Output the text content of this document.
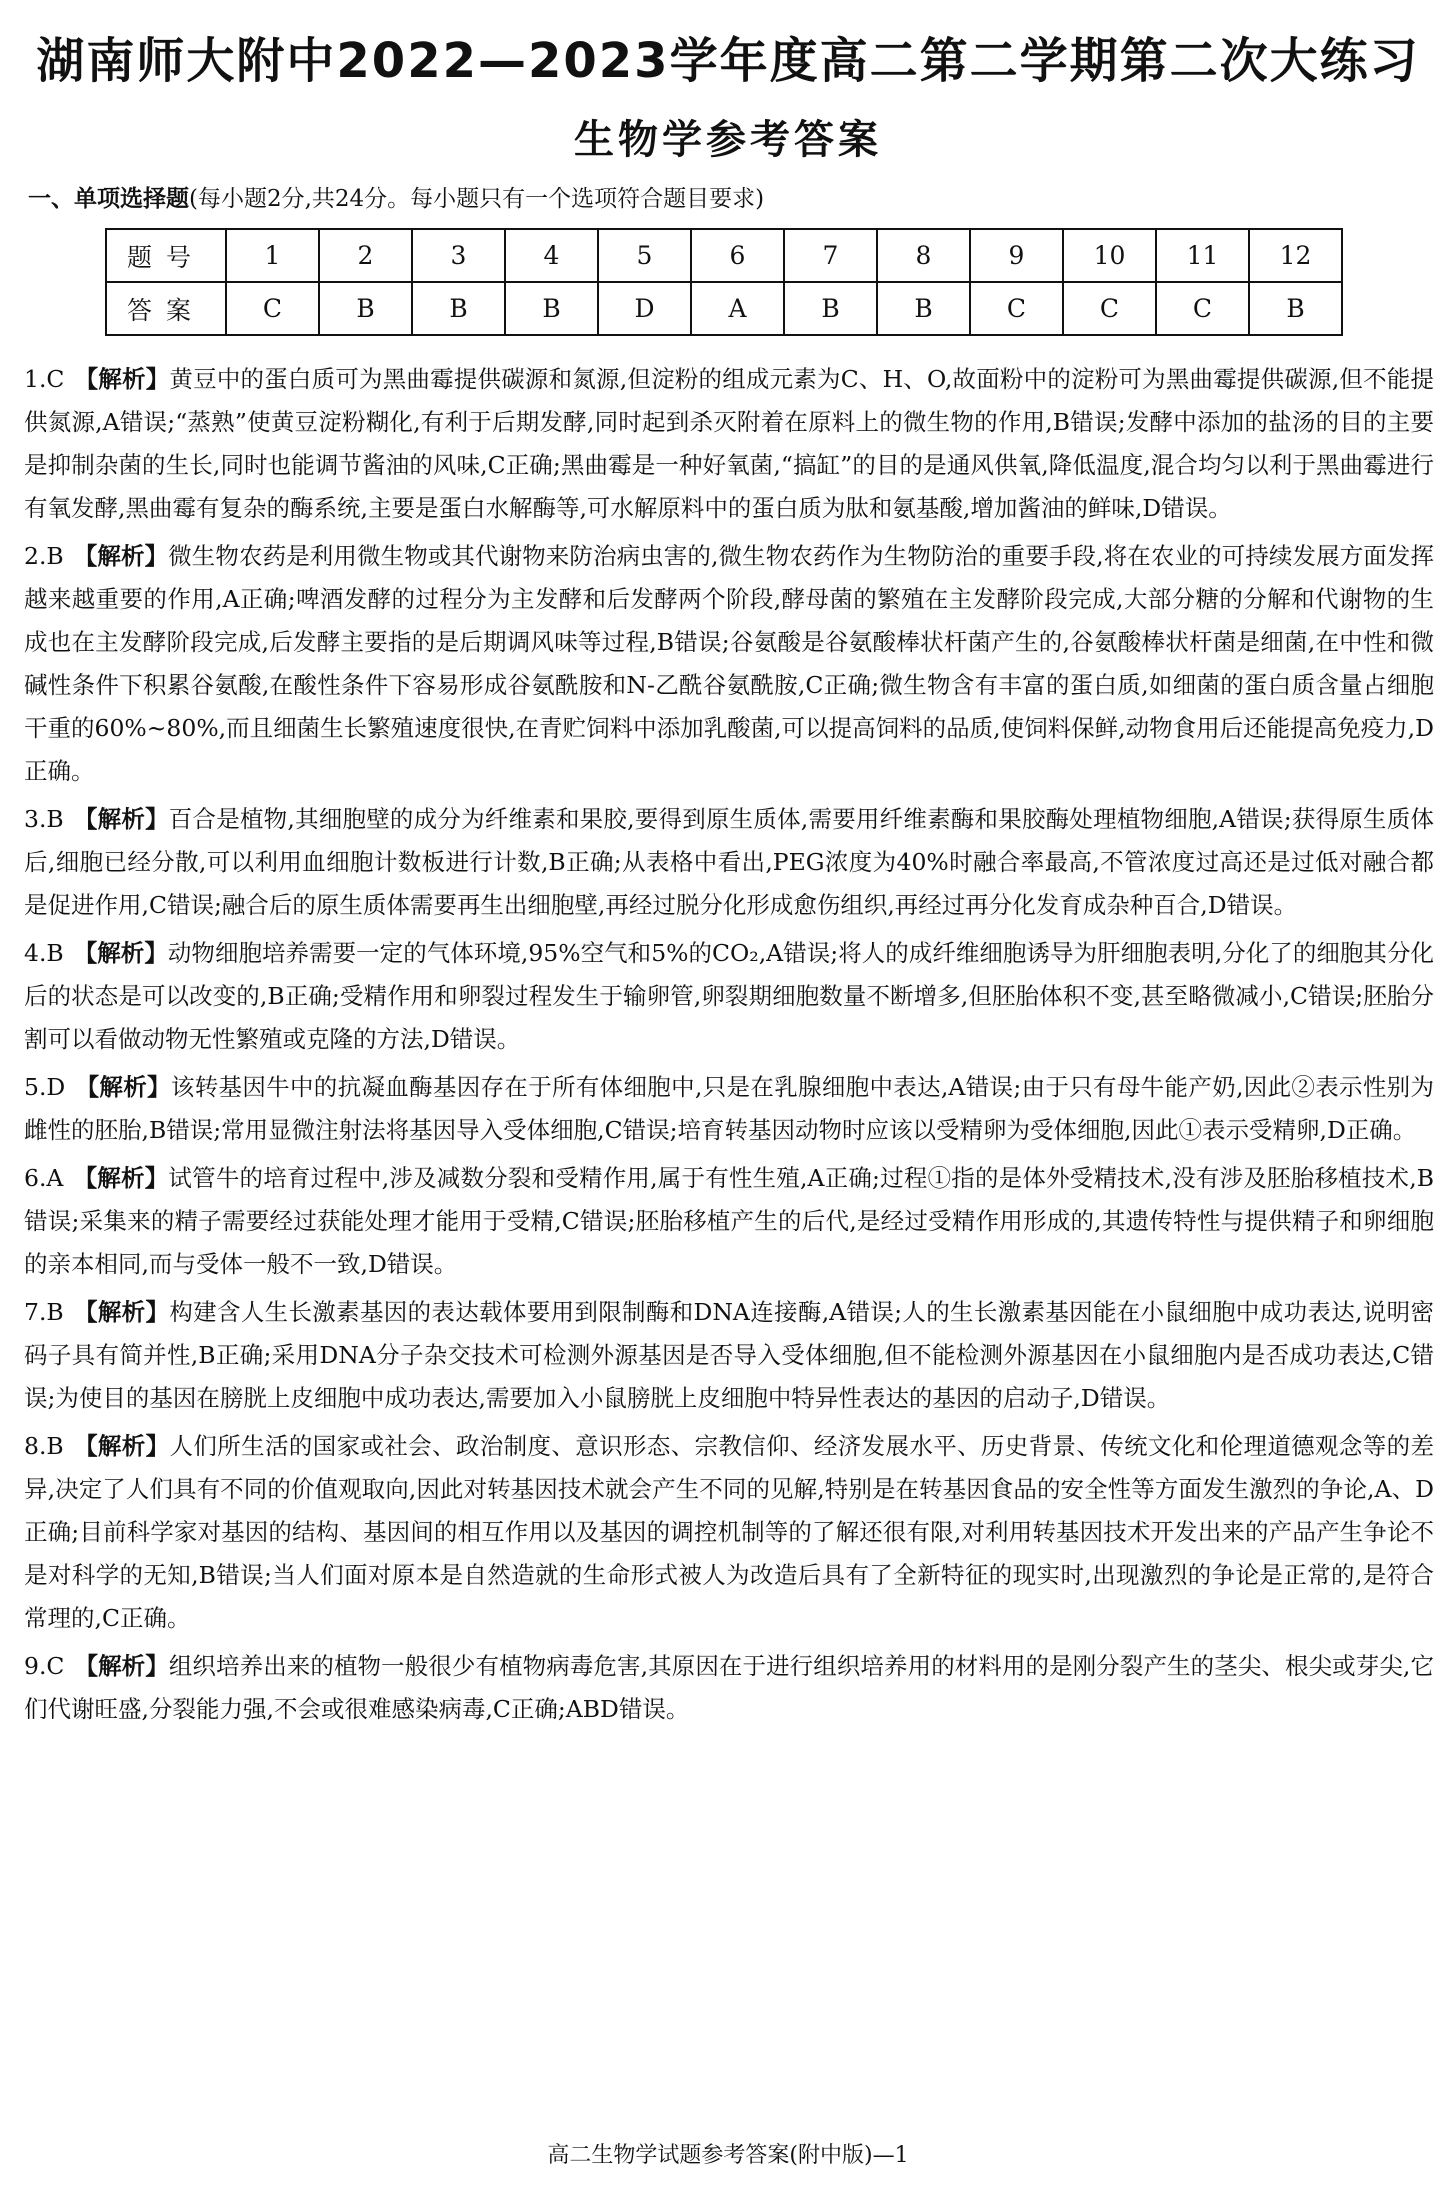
湖南师大附中2022—2023学年度高二第二学期第二次大练习
生物学参考答案
一、单项选择题(每小题2分,共24分。每小题只有一个选项符合题目要求)
题号	1	2	3	4	5	6	7	8	9	10	11	12
答案	C	B	B	B	D	A	B	B	C	C	C	B
1.C 【解析】黄豆中的蛋白质可为黑曲霉提供碳源和氮源,但淀粉的组成元素为C、H、O,故面粉中的淀粉可为黑曲霉提供碳源,但不能提供氮源,A错误;“蒸熟”使黄豆淀粉糊化,有利于后期发酵,同时起到杀灭附着在原料上的微生物的作用,B错误;发酵中添加的盐汤的目的主要是抑制杂菌的生长,同时也能调节酱油的风味,C正确;黑曲霉是一种好氧菌,“搞缸”的目的是通风供氧,降低温度,混合均匀以利于黑曲霉进行有氧发酵,黑曲霉有复杂的酶系统,主要是蛋白水解酶等,可水解原料中的蛋白质为肽和氨基酸,增加酱油的鲜味,D错误。
2.B 【解析】微生物农药是利用微生物或其代谢物来防治病虫害的,微生物农药作为生物防治的重要手段,将在农业的可持续发展方面发挥越来越重要的作用,A正确;啤酒发酵的过程分为主发酵和后发酵两个阶段,酵母菌的繁殖在主发酵阶段完成,大部分糖的分解和代谢物的生成也在主发酵阶段完成,后发酵主要指的是后期调风味等过程,B错误;谷氨酸是谷氨酸棒状杆菌产生的,谷氨酸棒状杆菌是细菌,在中性和微碱性条件下积累谷氨酸,在酸性条件下容易形成谷氨酰胺和N-乙酰谷氨酰胺,C正确;微生物含有丰富的蛋白质,如细菌的蛋白质含量占细胞干重的60%~80%,而且细菌生长繁殖速度很快,在青贮饲料中添加乳酸菌,可以提高饲料的品质,使饲料保鲜,动物食用后还能提高免疫力,D正确。
3.B 【解析】百合是植物,其细胞壁的成分为纤维素和果胶,要得到原生质体,需要用纤维素酶和果胶酶处理植物细胞,A错误;获得原生质体后,细胞已经分散,可以利用血细胞计数板进行计数,B正确;从表格中看出,PEG浓度为40%时融合率最高,不管浓度过高还是过低对融合都是促进作用,C错误;融合后的原生质体需要再生出细胞壁,再经过脱分化形成愈伤组织,再经过再分化发育成杂种百合,D错误。
4.B 【解析】动物细胞培养需要一定的气体环境,95%空气和5%的CO₂,A错误;将人的成纤维细胞诱导为肝细胞表明,分化了的细胞其分化后的状态是可以改变的,B正确;受精作用和卵裂过程发生于输卵管,卵裂期细胞数量不断增多,但胚胎体积不变,甚至略微减小,C错误;胚胎分割可以看做动物无性繁殖或克隆的方法,D错误。
5.D 【解析】该转基因牛中的抗凝血酶基因存在于所有体细胞中,只是在乳腺细胞中表达,A错误;由于只有母牛能产奶,因此②表示性别为雌性的胚胎,B错误;常用显微注射法将基因导入受体细胞,C错误;培育转基因动物时应该以受精卵为受体细胞,因此①表示受精卵,D正确。
6.A 【解析】试管牛的培育过程中,涉及减数分裂和受精作用,属于有性生殖,A正确;过程①指的是体外受精技术,没有涉及胚胎移植技术,B错误;采集来的精子需要经过获能处理才能用于受精,C错误;胚胎移植产生的后代,是经过受精作用形成的,其遗传特性与提供精子和卵细胞的亲本相同,而与受体一般不一致,D错误。
7.B 【解析】构建含人生长激素基因的表达载体要用到限制酶和DNA连接酶,A错误;人的生长激素基因能在小鼠细胞中成功表达,说明密码子具有简并性,B正确;采用DNA分子杂交技术可检测外源基因是否导入受体细胞,但不能检测外源基因在小鼠细胞内是否成功表达,C错误;为使目的基因在膀胱上皮细胞中成功表达,需要加入小鼠膀胱上皮细胞中特异性表达的基因的启动子,D错误。
8.B 【解析】人们所生活的国家或社会、政治制度、意识形态、宗教信仰、经济发展水平、历史背景、传统文化和伦理道德观念等的差异,决定了人们具有不同的价值观取向,因此对转基因技术就会产生不同的见解,特别是在转基因食品的安全性等方面发生激烈的争论,A、D正确;目前科学家对基因的结构、基因间的相互作用以及基因的调控机制等的了解还很有限,对利用转基因技术开发出来的产品产生争论不是对科学的无知,B错误;当人们面对原本是自然造就的生命形式被人为改造后具有了全新特征的现实时,出现激烈的争论是正常的,是符合常理的,C正确。
9.C 【解析】组织培养出来的植物一般很少有植物病毒危害,其原因在于进行组织培养用的材料用的是刚分裂产生的茎尖、根尖或芽尖,它们代谢旺盛,分裂能力强,不会或很难感染病毒,C正确;ABD错误。
高二生物学试题参考答案(附中版)—1
